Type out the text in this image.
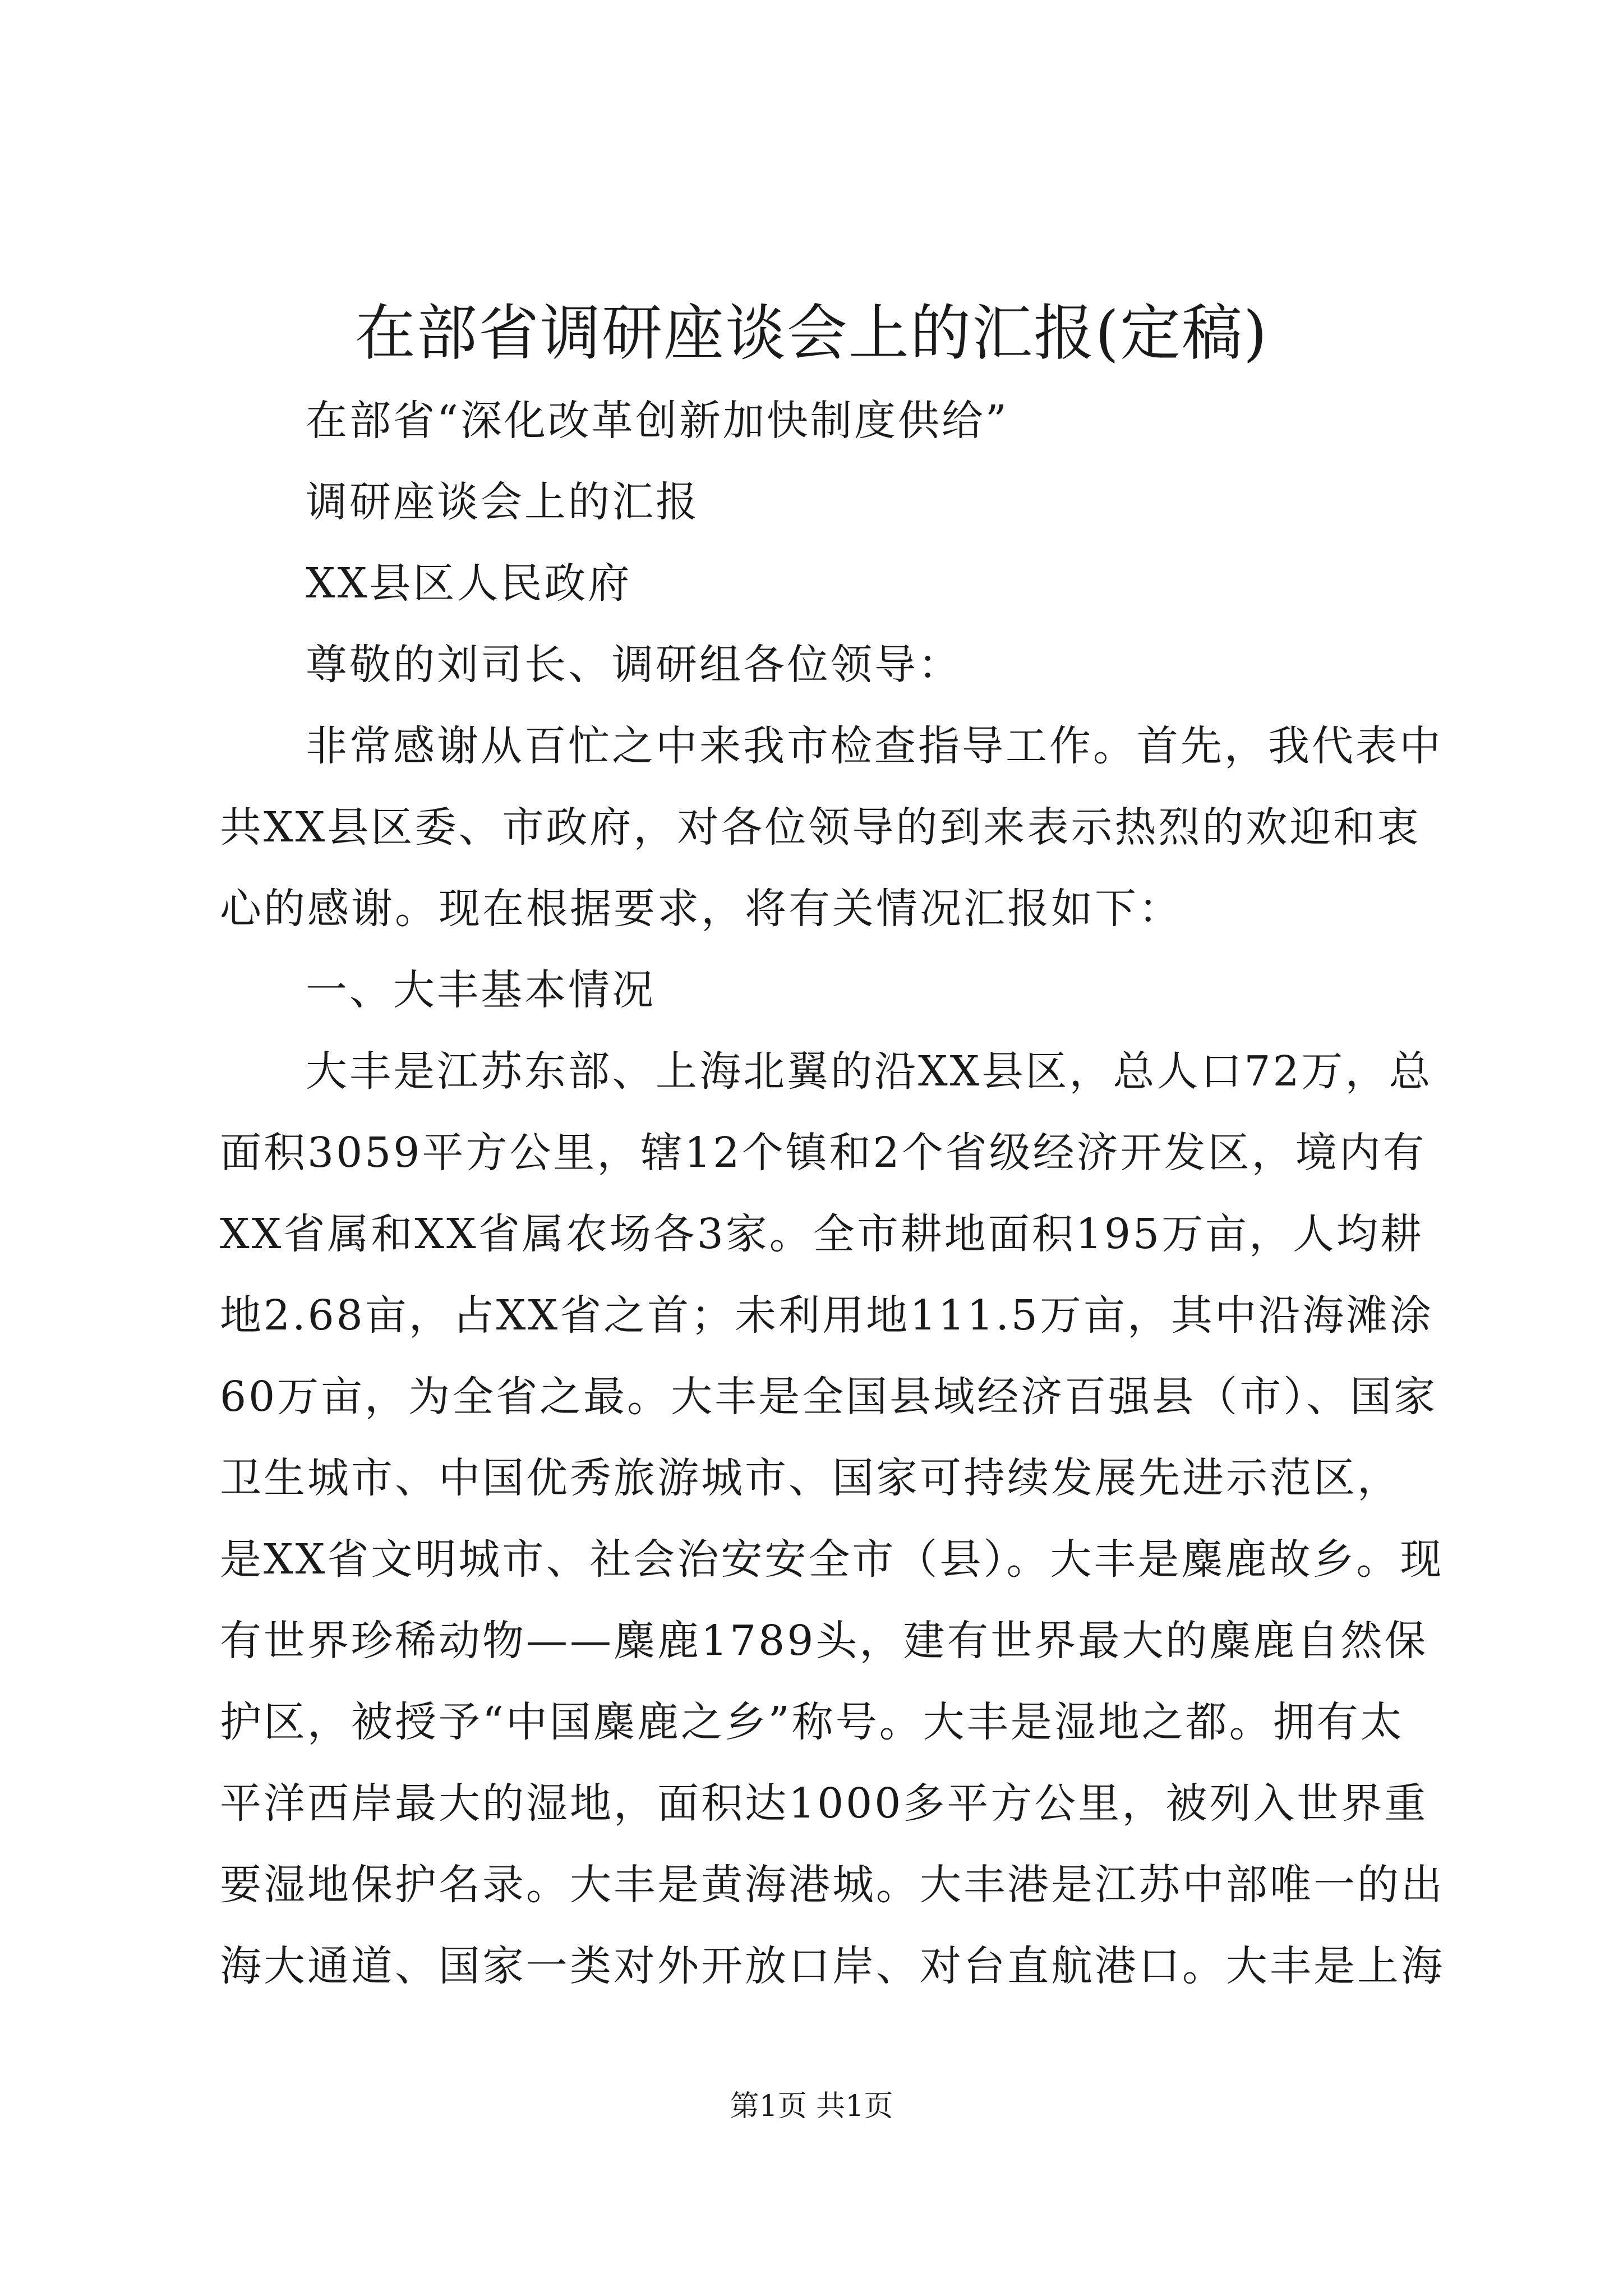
在部省调研座谈会上的汇报(定稿)

在部省“深化改革创新加快制度供给”

调研座谈会上的汇报

XX县区人民政府

尊敬的刘司长、调研组各位领导：

非常感谢从百忙之中来我市检查指导工作。首先，我代表中

共XX县区委、市政府，对各位领导的到来表示热烈的欢迎和衷

心的感谢。现在根据要求，将有关情况汇报如下：

一、大丰基本情况

大丰是江苏东部、上海北翼的沿XX县区，总人口72万，总

面积3059平方公里，辖12个镇和2个省级经济开发区，境内有

XX省属和XX省属农场各3家。全市耕地面积195万亩，人均耕

地2.68亩，占XX省之首；未利用地111.5万亩，其中沿海滩涂

60万亩，为全省之最。大丰是全国县域经济百强县（市）、国家

卫生城市、中国优秀旅游城市、国家可持续发展先进示范区，

是XX省文明城市、社会治安安全市（县）。大丰是麋鹿故乡。现

有世界珍稀动物——麋鹿1789头，建有世界最大的麋鹿自然保

护区，被授予“中国麋鹿之乡”称号。大丰是湿地之都。拥有太

平洋西岸最大的湿地，面积达1000多平方公里，被列入世界重

要湿地保护名录。大丰是黄海港城。大丰港是江苏中部唯一的出

海大通道、国家一类对外开放口岸、对台直航港口。大丰是上海

第1页 共1页
